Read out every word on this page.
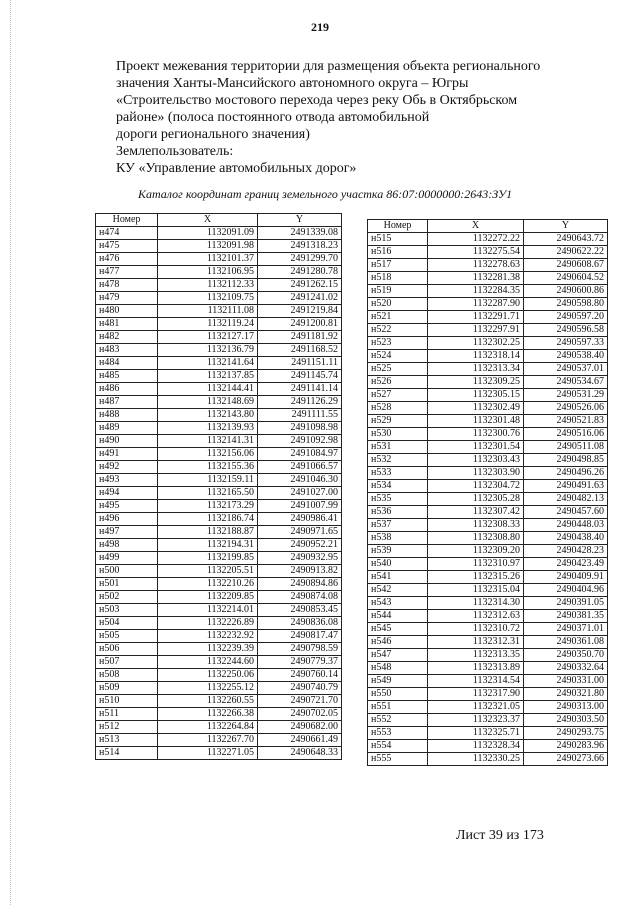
219
Проект межевания территории для размещения объекта регионального
значения Ханты-Мансийского автономного округа – Югры
«Строительство мостового перехода через реку Обь в Октябрьском
районе» (полоса постоянного отвода автомобильной
дороги регионального значения)
Землепользователь:
КУ «Управление автомобильных дорог»
Каталог координат границ земельного участка 86:07:0000000:2643:ЗУ1
Номер	X	Y
н474	1132091.09	2491339.08
н475	1132091.98	2491318.23
н476	1132101.37	2491299.70
н477	1132106.95	2491280.78
н478	1132112.33	2491262.15
н479	1132109.75	2491241.02
н480	1132111.08	2491219.84
н481	1132119.24	2491200.81
н482	1132127.17	2491181.92
н483	1132136.79	2491168.52
н484	1132141.64	2491151.11
н485	1132137.85	2491145.74
н486	1132144.41	2491141.14
н487	1132148.69	2491126.29
н488	1132143.80	2491111.55
н489	1132139.93	2491098.98
н490	1132141.31	2491092.98
н491	1132156.06	2491084.97
н492	1132155.36	2491066.57
н493	1132159.11	2491046.30
н494	1132165.50	2491027.00
н495	1132173.29	2491007.99
н496	1132186.74	2490986.41
н497	1132188.87	2490971.65
н498	1132194.31	2490952.21
н499	1132199.85	2490932.95
н500	1132205.51	2490913.82
н501	1132210.26	2490894.86
н502	1132209.85	2490874.08
н503	1132214.01	2490853.45
н504	1132226.89	2490836.08
н505	1132232.92	2490817.47
н506	1132239.39	2490798.59
н507	1132244.60	2490779.37
н508	1132250.06	2490760.14
н509	1132255.12	2490740.79
н510	1132260.55	2490721.70
н511	1132266.38	2490702.05
н512	1132264.84	2490682.00
н513	1132267.70	2490661.49
н514	1132271.05	2490648.33
Номер	X	Y
н515	1132272.22	2490643.72
н516	1132275.54	2490622.22
н517	1132278.63	2490608.67
н518	1132281.38	2490604.52
н519	1132284.35	2490600.86
н520	1132287.90	2490598.80
н521	1132291.71	2490597.20
н522	1132297.91	2490596.58
н523	1132302.25	2490597.33
н524	1132318.14	2490538.40
н525	1132313.34	2490537.01
н526	1132309.25	2490534.67
н527	1132305.15	2490531.29
н528	1132302.49	2490526.06
н529	1132301.48	2490521.83
н530	1132300.76	2490516.06
н531	1132301.54	2490511.08
н532	1132303.43	2490498.85
н533	1132303.90	2490496.26
н534	1132304.72	2490491.63
н535	1132305.28	2490482.13
н536	1132307.42	2490457.60
н537	1132308.33	2490448.03
н538	1132308.80	2490438.40
н539	1132309.20	2490428.23
н540	1132310.97	2490423.49
н541	1132315.26	2490409.91
н542	1132315.04	2490404.96
н543	1132314.30	2490391.05
н544	1132312.63	2490381.35
н545	1132310.72	2490371.01
н546	1132312.31	2490361.08
н547	1132313.35	2490350.70
н548	1132313.89	2490332.64
н549	1132314.54	2490331.00
н550	1132317.90	2490321.80
н551	1132321.05	2490313.00
н552	1132323.37	2490303.50
н553	1132325.71	2490293.75
н554	1132328.34	2490283.96
н555	1132330.25	2490273.66
Лист 39 из 173
